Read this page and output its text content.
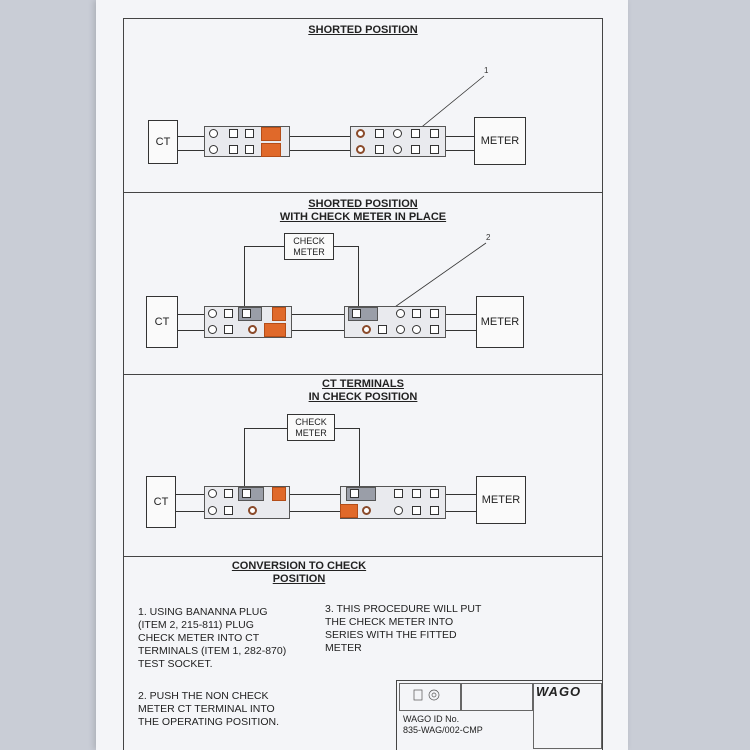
SHORTED POSITION
1
CT	METER
SHORTED POSITION
WITH CHECK METER IN PLACE
2
CHECK
METER
CT	METER
CT TERMINALS
IN CHECK POSITION
CHECK
METER
CT	METER
CONVERSION TO CHECK
POSITION
1. USING BANANNA PLUG
(ITEM 2, 215-811) PLUG
CHECK METER INTO CT
TERMINALS (ITEM 1, 282-870)
TEST SOCKET.
2. PUSH THE NON CHECK
METER CT TERMINAL INTO
THE OPERATING POSITION.
3. THIS PROCEDURE WILL PUT
THE CHECK METER INTO
SERIES WITH THE FITTED
METER
WAGO ID No.
835-WAG/002-CMP
WAGO
